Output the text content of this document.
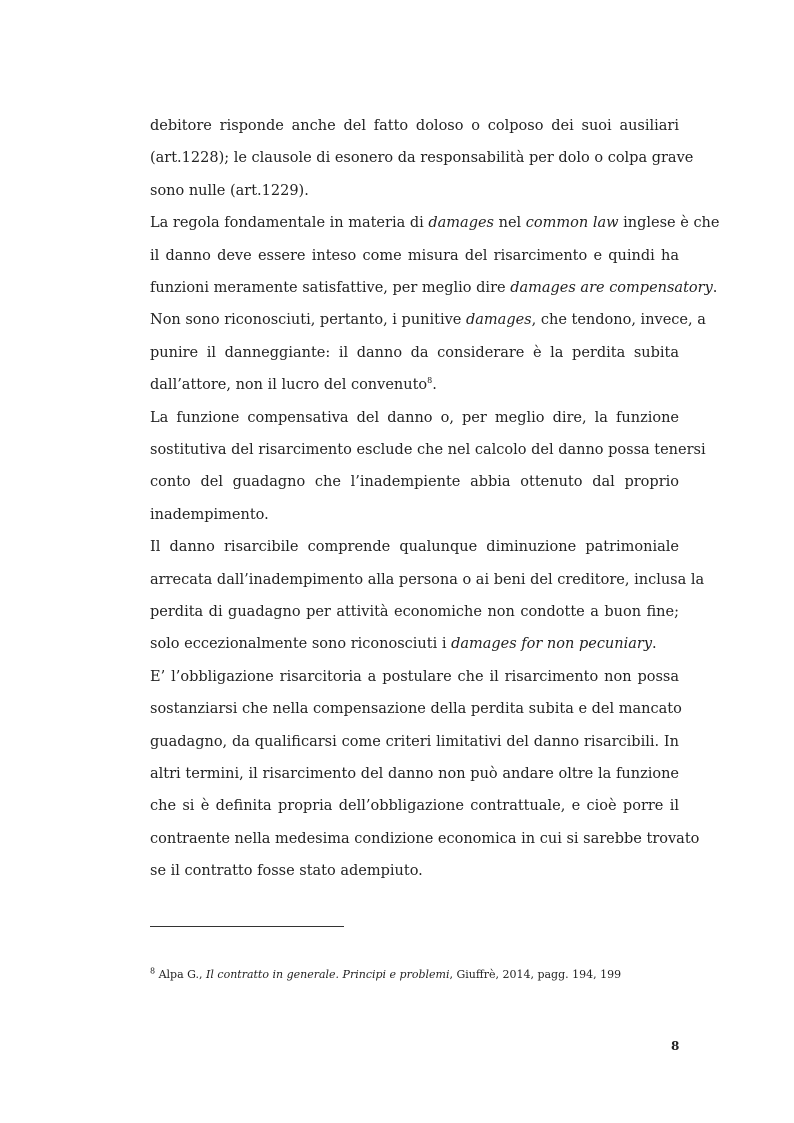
debitore risponde anche del fatto doloso o colposo dei suoi ausiliari
(art.1228); le clausole di esonero da responsabilità per dolo o colpa grave
sono nulle (art.1229).
La regola fondamentale in materia di damages nel common law inglese è che
il danno deve essere inteso come misura del risarcimento e quindi ha
funzioni meramente satisfattive, per meglio dire damages are compensatory.
Non sono riconosciuti, pertanto, i punitive damages, che tendono, invece, a
punire il danneggiante: il danno da considerare è la perdita subita
dall’attore, non il lucro del convenuto$^8$.
La funzione compensativa del danno o, per meglio dire, la funzione
sostitutiva del risarcimento esclude che nel calcolo del danno possa tenersi
conto del guadagno che l’inadempiente abbia ottenuto dal proprio
inadempimento.
Il danno risarcibile comprende qualunque diminuzione patrimoniale
arrecata dall’inadempimento alla persona o ai beni del creditore, inclusa la
perdita di guadagno per attività economiche non condotte a buon fine;
solo eccezionalmente sono riconosciuti i damages for non pecuniary.
E’ l’obbligazione risarcitoria a postulare che il risarcimento non possa
sostanziarsi che nella compensazione della perdita subita e del mancato
guadagno, da qualificarsi come criteri limitativi del danno risarcibili. In
altri termini, il risarcimento del danno non può andare oltre la funzione
che si è definita propria dell’obbligazione contrattuale, e cioè porre il
contraente nella medesima condizione economica in cui si sarebbe trovato
se il contratto fosse stato adempiuto.
$^8$ Alpa G., Il contratto in generale. Principi e problemi, Giuffrè, 2014, pagg. 194, 199
8
